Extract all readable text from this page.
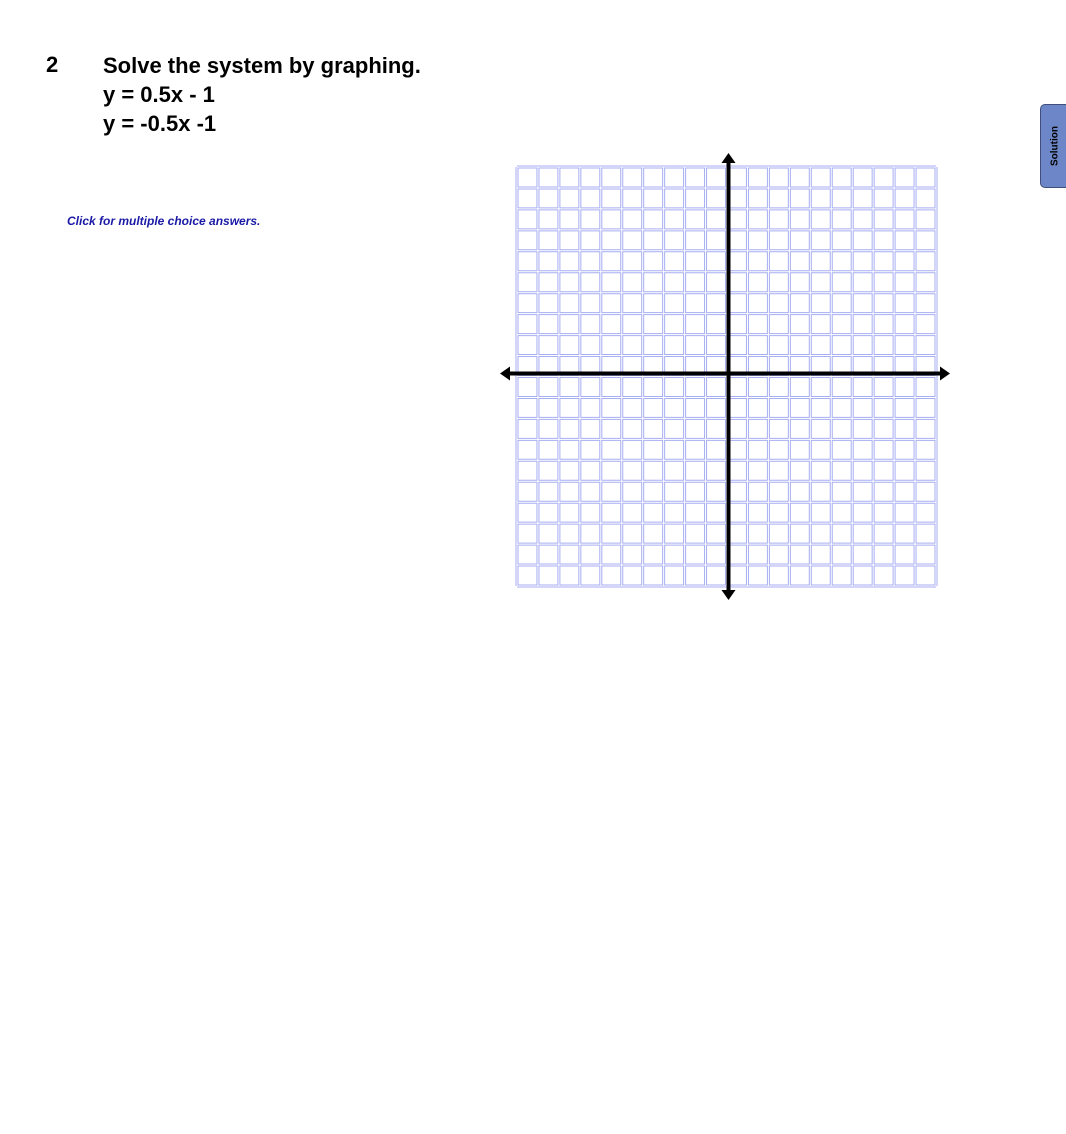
2 Solve the system by graphing.
y = 0.5x - 1
y = -0.5x -1
Click for multiple choice answers.
Solution
